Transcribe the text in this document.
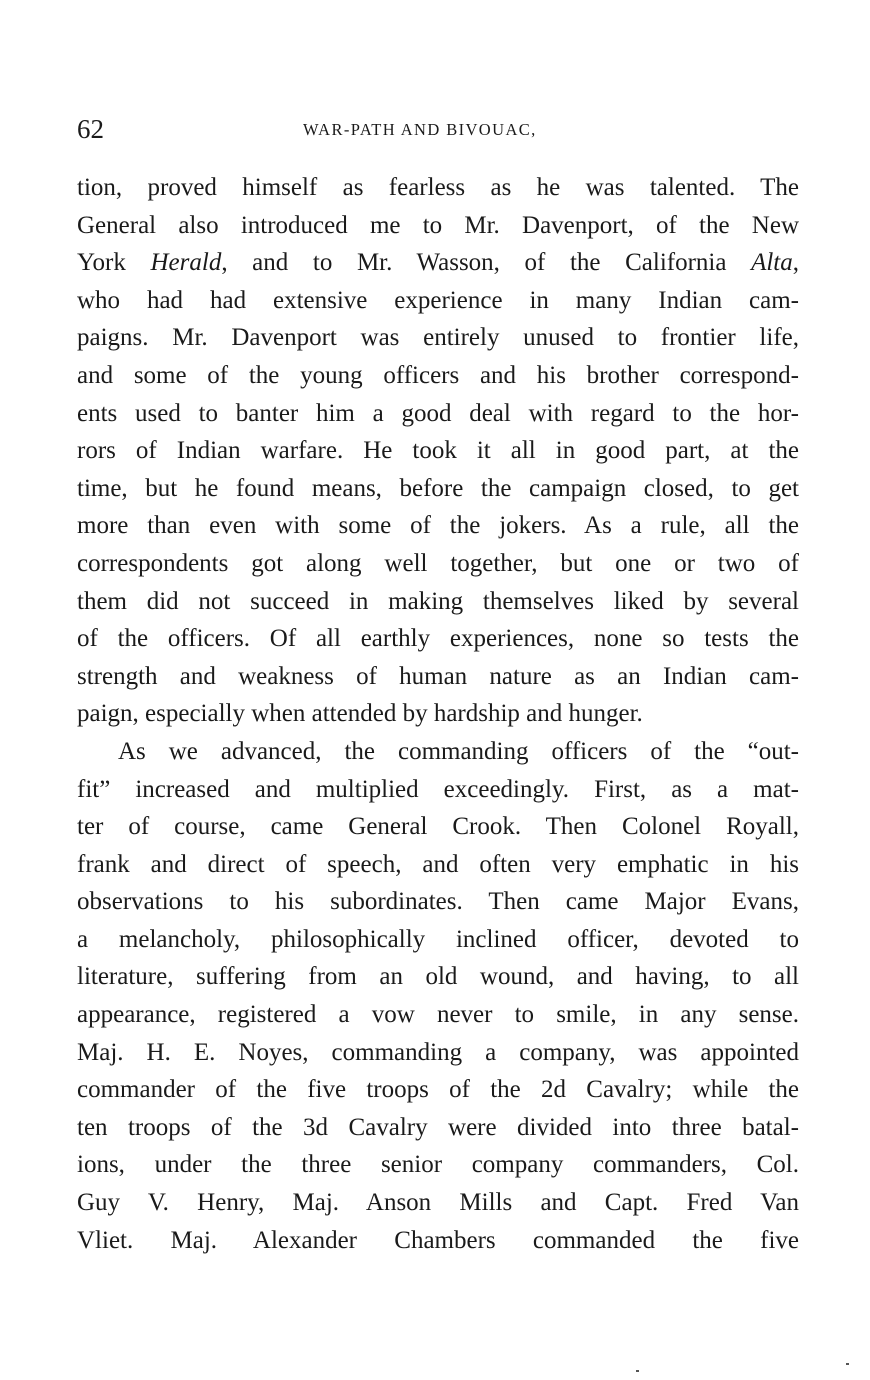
62	WAR-PATH AND BIVOUAC,
tion, proved himself as fearless as he was talented. The
General also introduced me to Mr. Davenport, of the New
York Herald, and to Mr. Wasson, of the California Alta,
who had had extensive experience in many Indian cam-
paigns. Mr. Davenport was entirely unused to frontier life,
and some of the young officers and his brother correspond-
ents used to banter him a good deal with regard to the hor-
rors of Indian warfare. He took it all in good part, at the
time, but he found means, before the campaign closed, to get
more than even with some of the jokers. As a rule, all the
correspondents got along well together, but one or two of
them did not succeed in making themselves liked by several
of the officers. Of all earthly experiences, none so tests the
strength and weakness of human nature as an Indian cam-
paign, especially when attended by hardship and hunger.
As we advanced, the commanding officers of the “out-
fit” increased and multiplied exceedingly. First, as a mat-
ter of course, came General Crook. Then Colonel Royall,
frank and direct of speech, and often very emphatic in his
observations to his subordinates. Then came Major Evans,
a melancholy, philosophically inclined officer, devoted to
literature, suffering from an old wound, and having, to all
appearance, registered a vow never to smile, in any sense.
Maj. H. E. Noyes, commanding a company, was appointed
commander of the five troops of the 2d Cavalry; while the
ten troops of the 3d Cavalry were divided into three batal-
ions, under the three senior company commanders, Col.
Guy V. Henry, Maj. Anson Mills and Capt. Fred Van
Vliet. Maj. Alexander Chambers commanded the five
